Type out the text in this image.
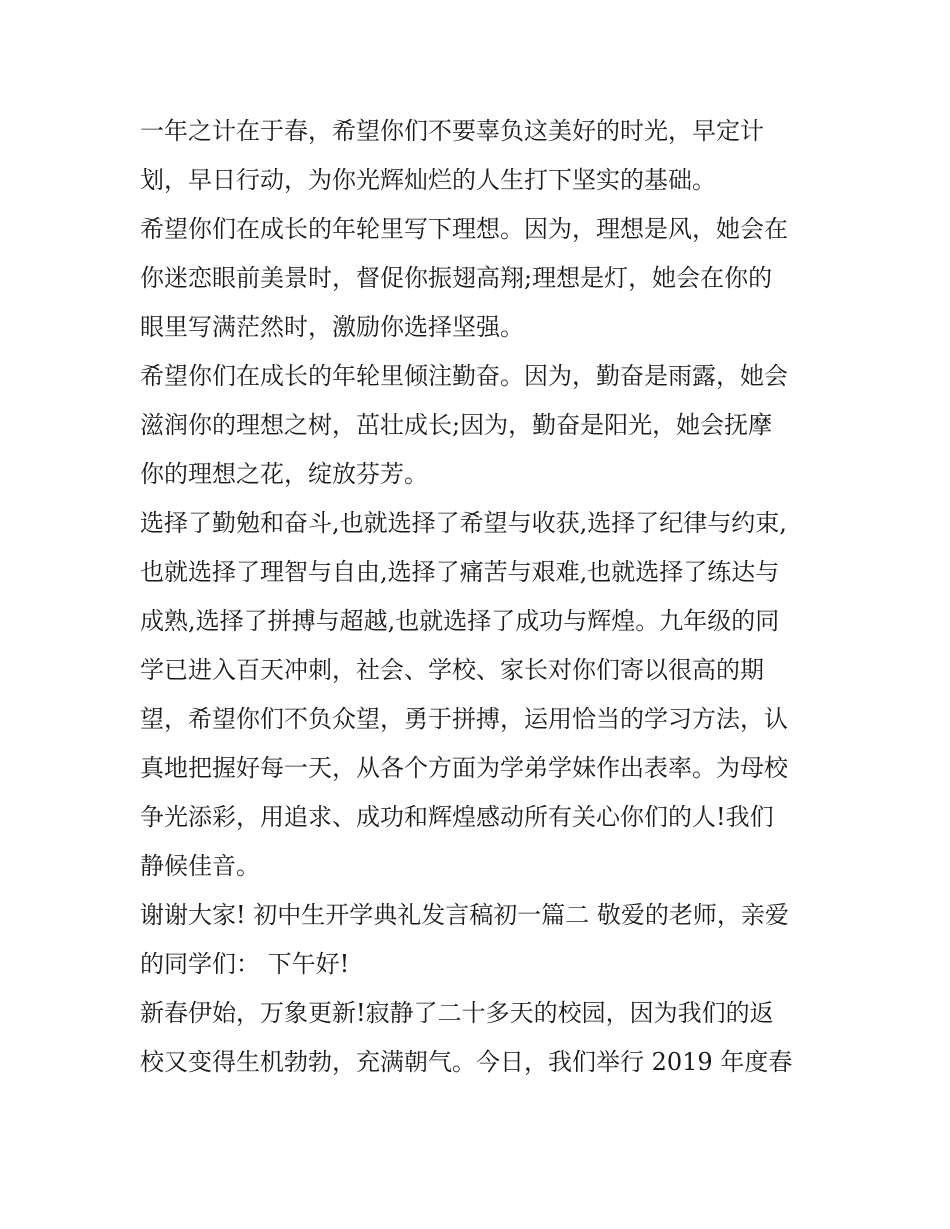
一年之计在于春，希望你们不要辜负这美好的时光，早定计
划，早日行动，为你光辉灿烂的人生打下坚实的基础。

希望你们在成长的年轮里写下理想。因为，理想是风，她会在
你迷恋眼前美景时，督促你振翅高翔;理想是灯，她会在你的
眼里写满茫然时，激励你选择坚强。

希望你们在成长的年轮里倾注勤奋。因为，勤奋是雨露，她会
滋润你的理想之树，茁壮成长;因为，勤奋是阳光，她会抚摩
你的理想之花，绽放芬芳。

选择了勤勉和奋斗,也就选择了希望与收获,选择了纪律与约束,
也就选择了理智与自由,选择了痛苦与艰难,也就选择了练达与
成熟,选择了拼搏与超越,也就选择了成功与辉煌。九年级的同
学已进入百天冲刺，社会、学校、家长对你们寄以很高的期
望，希望你们不负众望，勇于拼搏，运用恰当的学习方法，认
真地把握好每一天，从各个方面为学弟学妹作出表率。为母校
争光添彩，用追求、成功和辉煌感动所有关心你们的人!我们
静候佳音。

谢谢大家! 初中生开学典礼发言稿初一篇二 敬爱的老师，亲爱
的同学们： 下午好!

新春伊始，万象更新!寂静了二十多天的校园，因为我们的返
校又变得生机勃勃，充满朝气。今日，我们举行 2019 年度春
